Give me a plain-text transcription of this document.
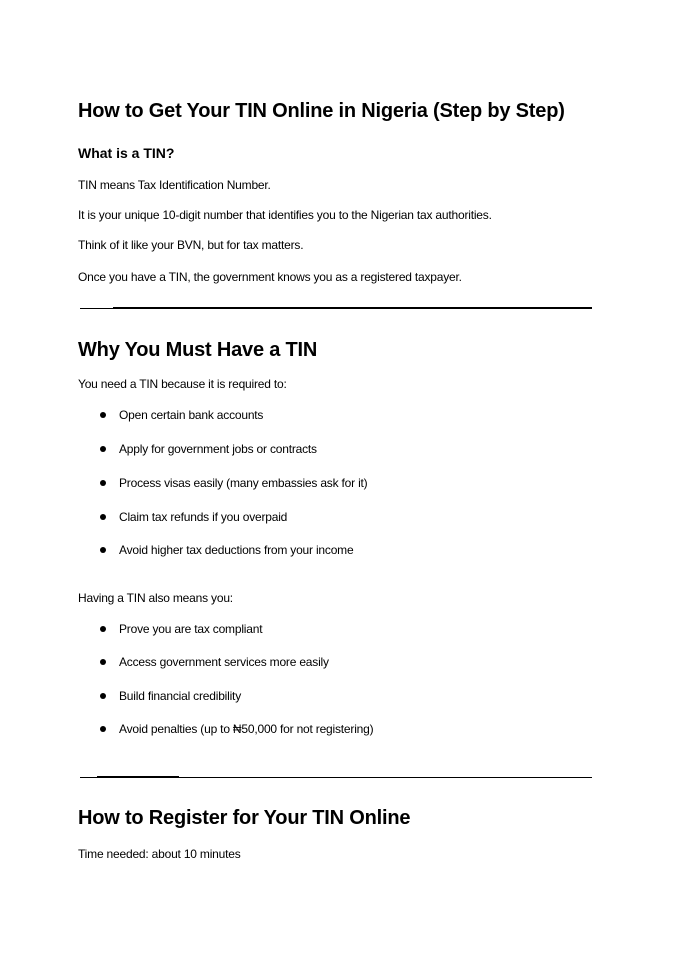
How to Get Your TIN Online in Nigeria (Step by Step)
What is a TIN?
TIN means Tax Identification Number.
It is your unique 10-digit number that identifies you to the Nigerian tax authorities.
Think of it like your BVN, but for tax matters.
Once you have a TIN, the government knows you as a registered taxpayer.
Why You Must Have a TIN
You need a TIN because it is required to:
Open certain bank accounts
Apply for government jobs or contracts
Process visas easily (many embassies ask for it)
Claim tax refunds if you overpaid
Avoid higher tax deductions from your income
Having a TIN also means you:
Prove you are tax compliant
Access government services more easily
Build financial credibility
Avoid penalties (up to ₦50,000 for not registering)
How to Register for Your TIN Online
Time needed: about 10 minutes
